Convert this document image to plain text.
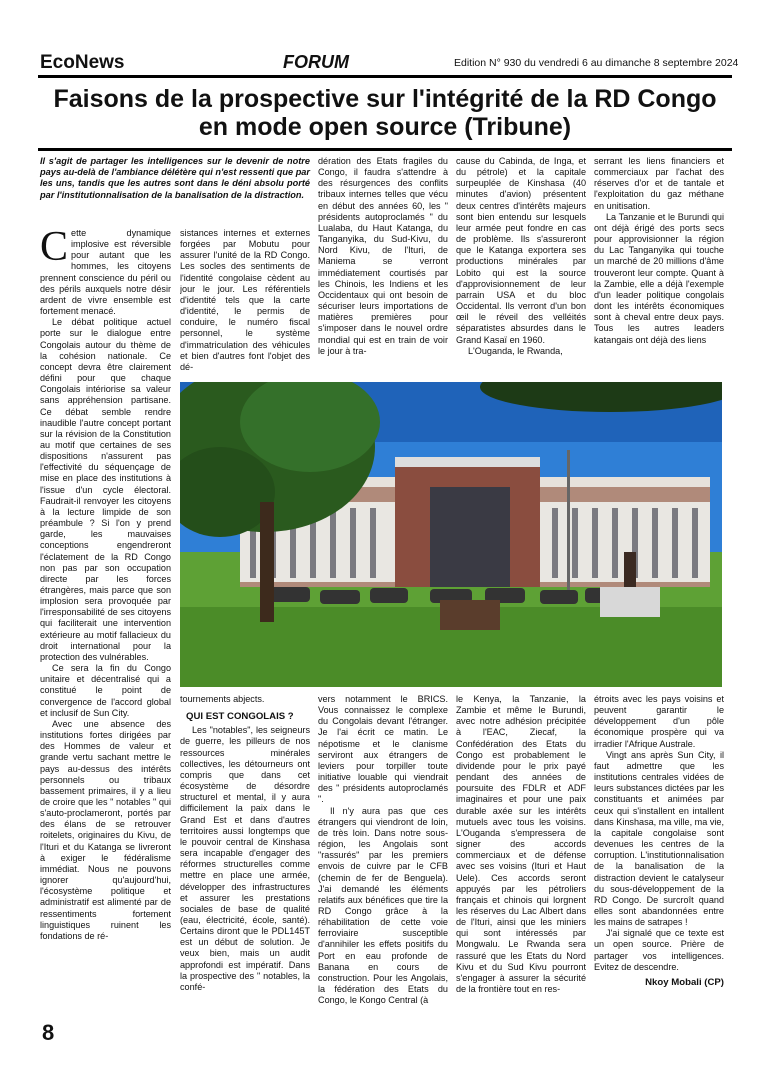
EcoNews	FORUM	Edition N° 930 du vendredi 6 au dimanche 8 septembre 2024
Faisons de la prospective sur l'intégrité de la RD Congo en mode open source (Tribune)
Il s'agit de partager les intelligences sur le devenir de notre pays au-delà de l'ambiance délétère qui n'est ressenti que par les uns, tandis que les autres sont dans le déni absolu porté par l'institutionnalisation de la banalisation de la distraction.

Cette dynamique implosive est réversible pour autant que les hommes, les citoyens prennent conscience du péril ou des périls auxquels notre désir ardent de vivre ensemble est fortement menacé.

Le débat politique actuel porte sur le dialogue entre Congolais autour du thème de la cohésion nationale. Ce concept devra être clairement défini pour que chaque Congolais intériorise sa valeur sans appréhension partisane. Ce débat semble rendre inaudible l'autre concept portant sur la révision de la Constitution au motif que certaines de ses dispositions n'assurent pas l'effectivité du séquençage de mise en place des institutions à l'issue d'un cycle électoral. Faudrait-il renvoyer les citoyens à la lecture limpide de son préambule ? Si l'on y prend garde, les mauvaises conceptions engendreront l'éclatement de la RD Congo non pas par son occupation directe par les forces étrangères, mais parce que son implosion sera provoquée par l'irresponsabilité de ses citoyens qui faciliterait une intervention extérieure au motif fallacieux du droit international pour la protection des vulnérables.

Ce sera la fin du Congo unitaire et décentralisé qui a constitué le point de convergence de l'accord global et inclusif de Sun City.

Avec une absence des institutions fortes dirigées par des Hommes de valeur et grande vertu sachant mettre le pays au-dessus des intérêts personnels ou tribaux bassement primaires, il y a lieu de croire que les " notables " qui s'auto-proclameront, portés par des élans de se retrouver roitelets, originaires du Kivu, de l'Ituri et du Katanga se livreront à exiger le fédéralisme immédiat. Nous ne pouvons ignorer qu'aujourd'hui, l'écosystème politique et administratif est alimenté par de ressentiments fortement linguistiques ruinent les fondations de ré-

sistances internes et externes forgées par Mobutu pour assurer l'unité de la RD Congo. Les socles des sentiments de l'identité congolaise cèdent au jour le jour. Les référentiels d'identité tels que la carte d'identité, le permis de conduire, le numéro fiscal personnel, le système d'immatriculation des véhicules et bien d'autres font l'objet des dé-

dération des Etats fragiles du Congo, il faudra s'attendre à des résurgences des conflits tribaux internes telles que vécu en début des années 60, les " présidents autoproclamés " du Lualaba, du Haut Katanga, du Tanganyika, du Sud-Kivu, du Nord Kivu, de l'Ituri, de Maniema se verront immédiatement courtisés par les Chinois, les Indiens et les Occidentaux qui ont besoin de sécuriser leurs importations de matières premières pour s'imposer dans le nouvel ordre mondial qui est en train de voir le jour à tra-

cause du Cabinda, de Inga, et du pétrole) et la capitale surpeuplée de Kinshasa (40 minutes d'avion) présentent deux centres d'intérêts majeurs sont bien entendu sur lesquels leur armée peut fondre en cas de problème. Ils s'assureront que le Katanga exportera ses productions minérales par Lobito qui est la source d'approvisionnement de leur parrain USA et du bloc Occidental. Ils verront d'un bon œil le réveil des velléités séparatistes absurdes dans le Grand Kasaï en 1960.

L'Ouganda, le Rwanda,

serrant les liens financiers et commerciaux par l'achat des réserves d'or et de tantale et l'exploitation du gaz méthane en unitisation.

La Tanzanie et le Burundi qui ont déjà érigé des ports secs pour approvisionner la région du Lac Tanganyika qui touche un marché de 20 millions d'âme trouveront leur compte. Quant à la Zambie, elle a déjà l'exemple d'un leader politique congolais dont les intérêts économiques sont à cheval entre deux pays. Tous les autres leaders katangais ont déjà des liens

tournements abjects.

QUI EST CONGOLAIS ?

Les "notables", les seigneurs de guerre, les pilleurs de nos ressources minérales collectives, les détourneurs ont compris que dans cet écosystème de désordre structurel et mental, il y aura difficilement la paix dans le Grand Est et dans d'autres territoires aussi longtemps que le pouvoir central de Kinshasa sera incapable d'engager des réformes structurelles comme mettre en place une armée, développer des infrastructures et assurer les prestations sociales de base de qualité (eau, électricité, école, santé). Certains diront que le PDL145T est un début de solution. Je veux bien, mais un audit approfondi est impératif. Dans la prospective des " notables, la confé-

vers notamment le BRICS. Vous connaissez le complexe du Congolais devant l'étranger. Je l'ai écrit ce matin. Le népotisme et le clanisme serviront aux étrangers de leviers pour torpiller toute initiative louable qui viendrait des " présidents autoproclamés ".

Il n'y aura pas que ces étrangers qui viendront de loin, de très loin. Dans notre sous-région, les Angolais sont "rassurés" par les premiers envois de cuivre par le CFB (chemin de fer de Benguela). J'ai demandé les éléments relatifs aux bénéfices que tire la RD Congo grâce à la réhabilitation de cette voie ferroviaire susceptible d'annihiler les effets positifs du Port en eau profonde de Banana en cours de construction. Pour les Angolais, la fédération des Etats du Congo, le Kongo Central (à

le Kenya, la Tanzanie, la Zambie et même le Burundi, avec notre adhésion précipitée à l'EAC, Ziecaf, la Confédération des Etats du Congo est probablement le dividende pour le prix payé pendant des années de poursuite des FDLR et ADF imaginaires et pour une paix durable axée sur les intérêts mutuels avec tous les voisins. L'Ouganda s'empressera de signer des accords commerciaux et de défense avec ses voisins (Ituri et Haut Uele). Ces accords seront appuyés par les pétroliers français et chinois qui lorgnent les réserves du Lac Albert dans de l'Ituri, ainsi que les miniers qui sont intéressés par Mongwalu. Le Rwanda sera rassuré que les Etats du Nord Kivu et du Sud Kivu pourront s'engager à assurer la sécurité de la frontière tout en res-

étroits avec les pays voisins et peuvent garantir le développement d'un pôle économique prospère qui va irradier l'Afrique Australe.

Vingt ans après Sun City, il faut admettre que les institutions centrales vidées de leurs substances dictées par les constituants et animées par ceux qui s'installent en intallent dans Kinshasa, ma ville, ma vie, la capitale congolaise sont devenues les centres de la corruption. L'institutionnalisation de la banalisation de la distraction devient le catalyseur du sous-développement de la RD Congo. De surcroît quand elles sont abandonnées entre les mains de satrapes !

J'ai signalé que ce texte est un open source. Prière de partager vos intelligences. Evitez de descendre.

Nkoy Mobali (CP)

8
